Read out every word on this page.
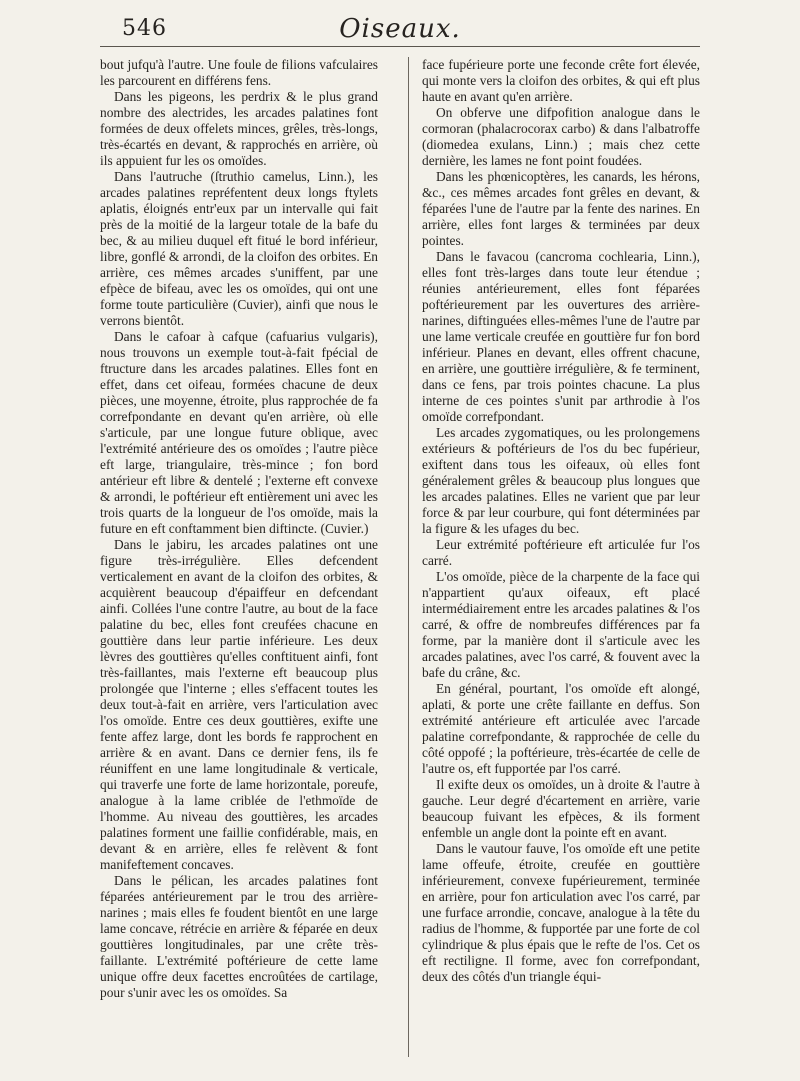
546	Oiseaux.

bout jufqu'à l'autre. Une foule de filions vafculaires les parcourent en différens fens.

Dans les pigeons, les perdrix & le plus grand nombre des alectrides, les arcades palatines font formées de deux offelets minces, grêles, très-longs, très-écartés en devant, & rapprochés en arrière, où ils appuient fur les os omoïdes.

Dans l'autruche (ſtruthio camelus, Linn.), les arcades palatines repréfentent deux longs ftylets aplatis, éloignés entr'eux par un intervalle qui fait près de la moitié de la largeur totale de la bafe du bec, & au milieu duquel eft fitué le bord inférieur, libre, gonflé & arrondi, de la cloifon des orbites. En arrière, ces mêmes arcades s'uniffent, par une efpèce de bifeau, avec les os omoïdes, qui ont une forme toute particulière (Cuvier), ainfi que nous le verrons bientôt.

Dans le cafoar à cafque (cafuarius vulgaris), nous trouvons un exemple tout-à-fait fpécial de ftructure dans les arcades palatines. Elles font en effet, dans cet oifeau, formées chacune de deux pièces, une moyenne, étroite, plus rapprochée de fa correfpondante en devant qu'en arrière, où elle s'articule, par une longue future oblique, avec l'extrémité antérieure des os omoïdes ; l'autre pièce eft large, triangulaire, très-mince ; fon bord antérieur eft libre & dentelé ; l'externe eft convexe & arrondi, le poftérieur eft entièrement uni avec les trois quarts de la longueur de l'os omoïde, mais la future en eft conftamment bien diftincte. (Cuvier.)

Dans le jabiru, les arcades palatines ont une figure très-irrégulière. Elles defcendent verticalement en avant de la cloifon des orbites, & acquièrent beaucoup d'épaiffeur en defcendant ainfi. Collées l'une contre l'autre, au bout de la face palatine du bec, elles font creufées chacune en gouttière dans leur partie inférieure. Les deux lèvres des gouttières qu'elles conftituent ainfi, font très-faillantes, mais l'externe eft beaucoup plus prolongée que l'interne ; elles s'effacent toutes les deux tout-à-fait en arrière, vers l'articulation avec l'os omoïde. Entre ces deux gouttières, exifte une fente affez large, dont les bords fe rapprochent en arrière & en avant. Dans ce dernier fens, ils fe réuniffent en une lame longitudinale & verticale, qui traverfe une forte de lame horizontale, poreufe, analogue à la lame criblée de l'ethmoïde de l'homme. Au niveau des gouttières, les arcades palatines forment une faillie confidérable, mais, en devant & en arrière, elles fe relèvent & font manifeftement concaves.

Dans le pélican, les arcades palatines font féparées antérieurement par le trou des arrière-narines ; mais elles fe foudent bientôt en une large lame concave, rétrécie en arrière & féparée en deux gouttières longitudinales, par une crête très-faillante. L'extrémité poftérieure de cette lame unique offre deux facettes encroûtées de cartilage, pour s'unir avec les os omoïdes. Sa

face fupérieure porte une feconde crête fort élevée, qui monte vers la cloifon des orbites, & qui eft plus haute en avant qu'en arrière.

On obferve une difpofition analogue dans le cormoran (phalacrocorax carbo) & dans l'albatroffe (diomedea exulans, Linn.) ; mais chez cette dernière, les lames ne font point foudées.

Dans les phœnicoptères, les canards, les hérons, &c., ces mêmes arcades font grêles en devant, & féparées l'une de l'autre par la fente des narines. En arrière, elles font larges & terminées par deux pointes.

Dans le favacou (cancroma cochlearia, Linn.), elles font très-larges dans toute leur étendue ; réunies antérieurement, elles font féparées poftérieurement par les ouvertures des arrière-narines, diftinguées elles-mêmes l'une de l'autre par une lame verticale creufée en gouttière fur fon bord inférieur. Planes en devant, elles offrent chacune, en arrière, une gouttière irrégulière, & fe terminent, dans ce fens, par trois pointes chacune. La plus interne de ces pointes s'unit par arthrodie à l'os omoïde correfpondant.

Les arcades zygomatiques, ou les prolongemens extérieurs & poftérieurs de l'os du bec fupérieur, exiftent dans tous les oifeaux, où elles font généralement grêles & beaucoup plus longues que les arcades palatines. Elles ne varient que par leur force & par leur courbure, qui font déterminées par la figure & les ufages du bec.

Leur extrémité poftérieure eft articulée fur l'os carré.

L'os omoïde, pièce de la charpente de la face qui n'appartient qu'aux oifeaux, eft placé intermédiairement entre les arcades palatines & l'os carré, & offre de nombreufes différences par fa forme, par la manière dont il s'articule avec les arcades palatines, avec l'os carré, & fouvent avec la bafe du crâne, &c.

En général, pourtant, l'os omoïde eft alongé, aplati, & porte une crête faillante en deffus. Son extrémité antérieure eft articulée avec l'arcade palatine correfpondante, & rapprochée de celle du côté oppofé ; la poftérieure, très-écartée de celle de l'autre os, eft fupportée par l'os carré.

Il exifte deux os omoïdes, un à droite & l'autre à gauche. Leur degré d'écartement en arrière, varie beaucoup fuivant les efpèces, & ils forment enfemble un angle dont la pointe eft en avant.

Dans le vautour fauve, l'os omoïde eft une petite lame offeufe, étroite, creufée en gouttière inférieurement, convexe fupérieurement, terminée en arrière, pour fon articulation avec l'os carré, par une furface arrondie, concave, analogue à la tête du radius de l'homme, & fupportée par une forte de col cylindrique & plus épais que le refte de l'os. Cet os eft rectiligne. Il forme, avec fon correfpondant, deux des côtés d'un triangle équi-
